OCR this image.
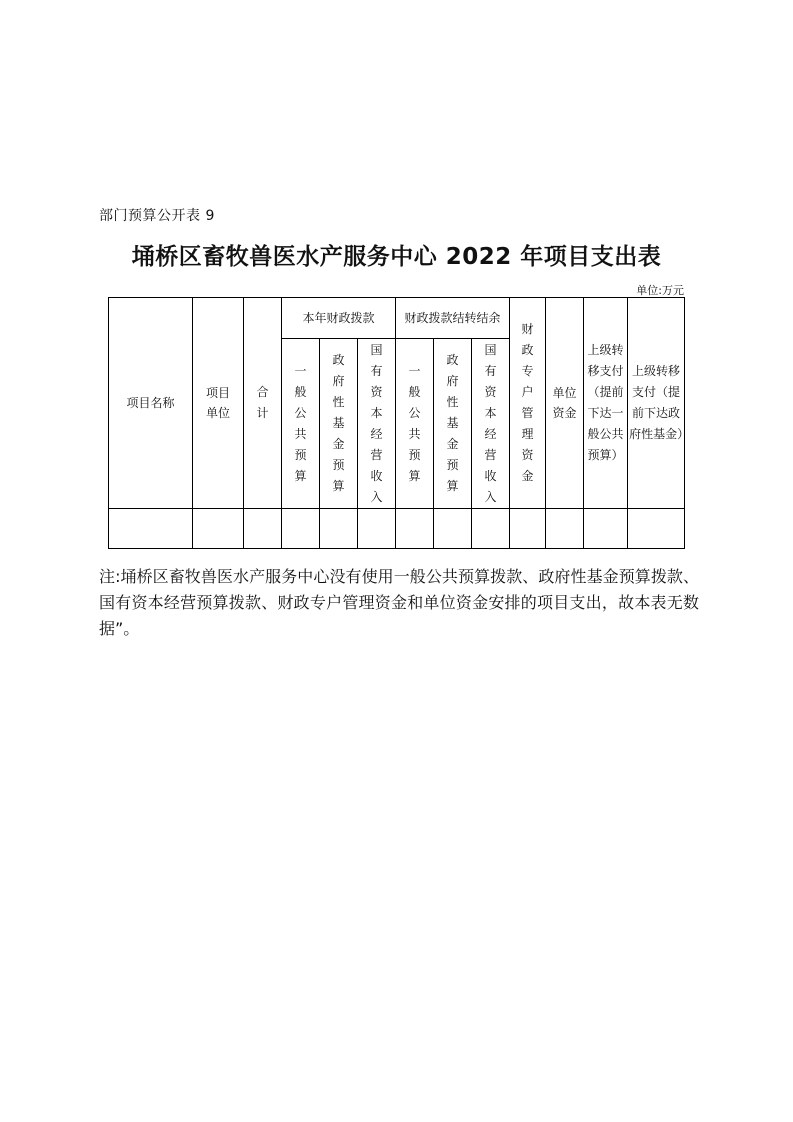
部门预算公开表 9
埇桥区畜牧兽医水产服务中心 2022 年项目支出表
单位:万元
项目名称	项目单位	合计	本年财政拨款			财政拨款结转结余			财政专户管理资金	单位资金	上级转移支付（提前下达一般公共预算）	上级转移支付（提前下达政府性基金）
			一般公共预算	政府性基金预算	国有资本经营收入	一般公共预算	政府性基金预算	国有资本经营收入				

注:埇桥区畜牧兽医水产服务中心没有使用一般公共预算拨款、政府性基金预算拨款、国有资本经营预算拨款、财政专户管理资金和单位资金安排的项目支出，故本表无数据”。
